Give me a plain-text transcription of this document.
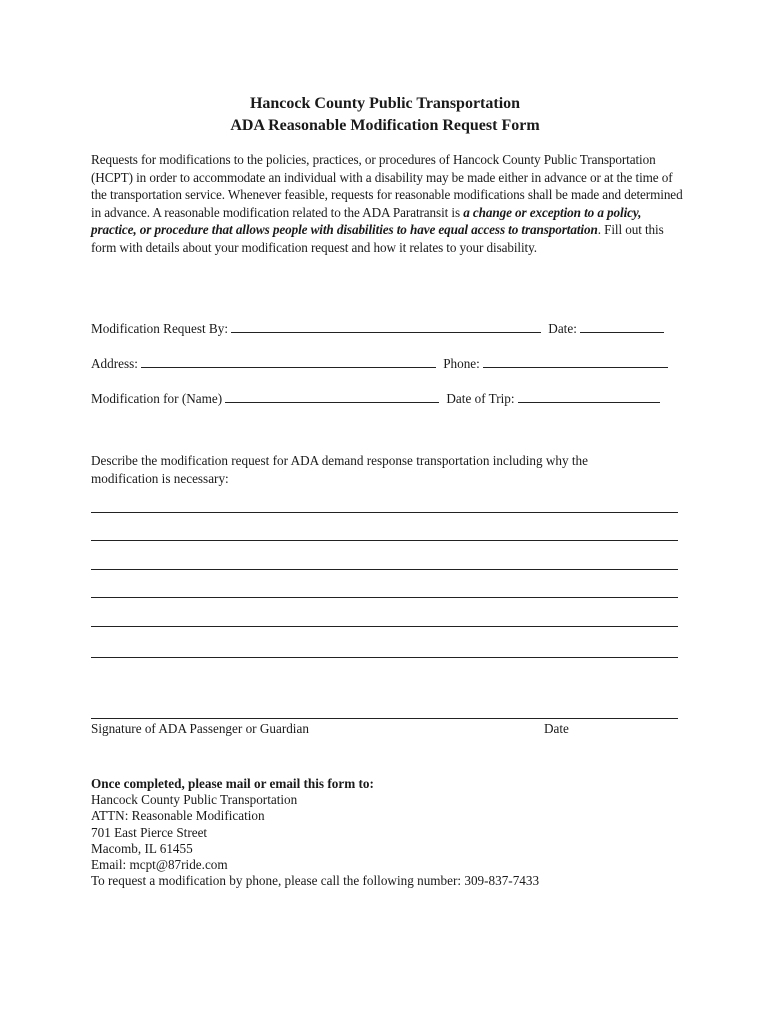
Hancock County Public Transportation
ADA Reasonable Modification Request Form
Requests for modifications to the policies, practices, or procedures of Hancock County Public Transportation (HCPT) in order to accommodate an individual with a disability may be made either in advance or at the time of the transportation service. Whenever feasible, requests for reasonable modifications shall be made and determined in advance. A reasonable modification related to the ADA Paratransit is a change or exception to a policy, practice, or procedure that allows people with disabilities to have equal access to transportation. Fill out this form with details about your modification request and how it relates to your disability.
Modification Request By:	Date:
Address:	Phone:
Modification for (Name)	Date of Trip:
Describe the modification request for ADA demand response transportation including why the modification is necessary:
Signature of ADA Passenger or Guardian	Date
Once completed, please mail or email this form to:
Hancock County Public Transportation
ATTN: Reasonable Modification
701 East Pierce Street
Macomb, IL 61455
Email: mcpt@87ride.com
To request a modification by phone, please call the following number: 309-837-7433
